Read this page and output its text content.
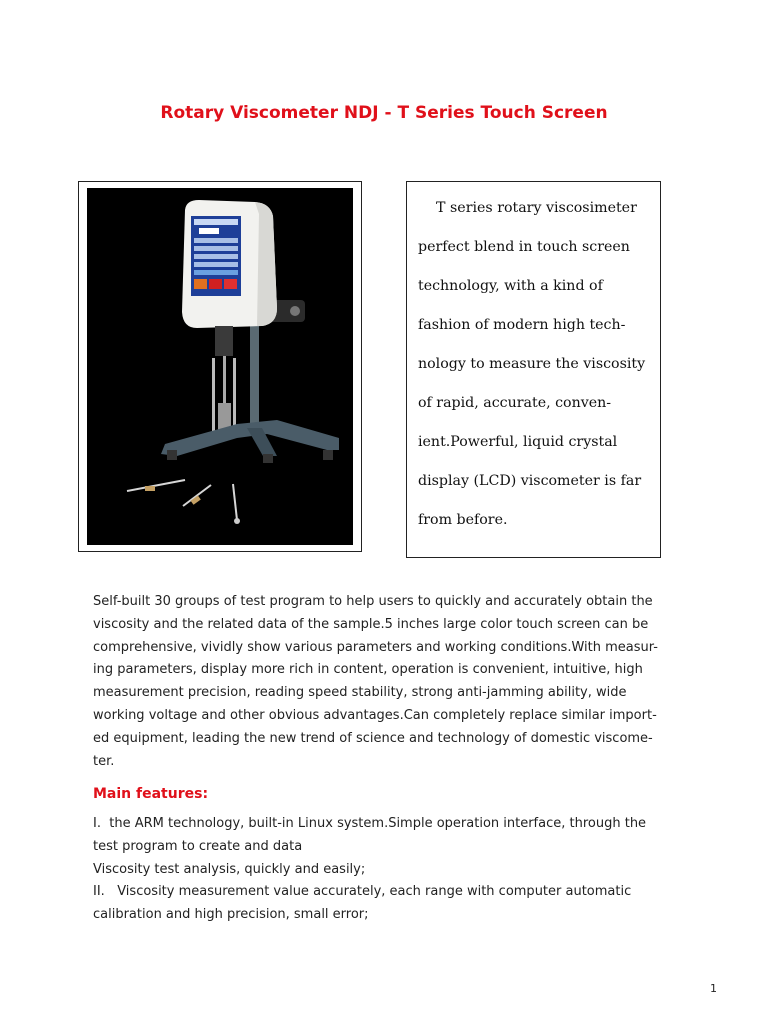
Rotary Viscometer NDJ - T Series Touch Screen

T series rotary viscosimeter

perfect blend in touch screen

technology, with a kind of

fashion of modern high tech-

nology to measure the viscosity

of rapid, accurate, conven-

ient.Powerful, liquid crystal

display (LCD) viscometer is far

from before.

Self-built 30 groups of test program to help users to quickly and accurately obtain the
viscosity and the related data of the sample.5 inches large color touch screen can be
comprehensive, vividly show various parameters and working conditions.With measur-
ing parameters, display more rich in content, operation is convenient, intuitive, high
measurement precision, reading speed stability, strong anti-jamming ability, wide
working voltage and other obvious advantages.Can completely replace similar import-
ed equipment, leading the new trend of science and technology of domestic viscome-
ter.
Main features:
I.  the ARM technology, built-in Linux system.Simple operation interface, through the
test program to create and data
Viscosity test analysis, quickly and easily;
II.   Viscosity measurement value accurately, each range with computer automatic
calibration and high precision, small error;
1
